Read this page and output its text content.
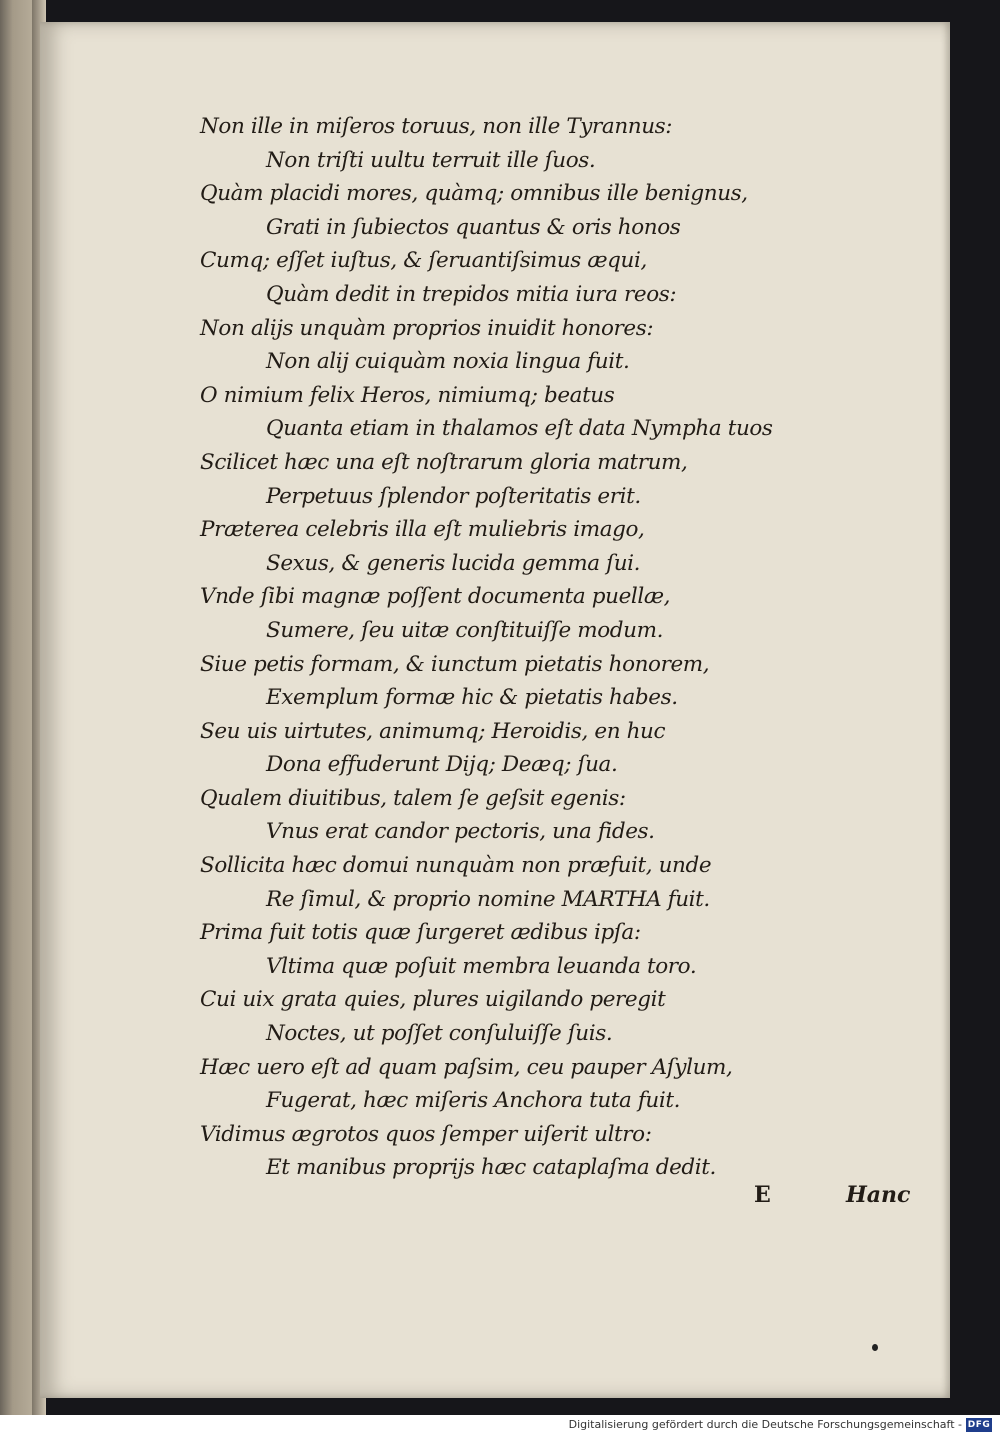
Non ille in miſeros toruus, non ille Tyrannus:
Non triſti uultu terruit ille ſuos.
Quàm placidi mores, quàmq; omnibus ille benignus,
Grati in ſubiectos quantus & oris honos
Cumq; eſſet iuſtus, & ſeruantiſsimus æqui,
Quàm dedit in trepidos mitia iura reos:
Non alijs unquàm proprios inuidit honores:
Non alij cuiquàm noxia lingua fuit.
O nimium felix Heros, nimiumq; beatus
Quanta etiam in thalamos eſt data Nympha tuos
Scilicet hæc una eſt noſtrarum gloria matrum,
Perpetuus ſplendor poſteritatis erit.
Præterea celebris illa eſt muliebris imago,
Sexus, & generis lucida gemma ſui.
Vnde ſibi magnæ poſſent documenta puellæ,
Sumere, ſeu uitæ conſtituiſſe modum.
Siue petis formam, & iunctum pietatis honorem,
Exemplum formæ hic & pietatis habes.
Seu uis uirtutes, animumq; Heroidis, en huc
Dona effuderunt Dijq; Deæq; ſua.
Qualem diuitibus, talem ſe geſsit egenis:
Vnus erat candor pectoris, una fides.
Sollicita hæc domui nunquàm non præfuit, unde
Re ſimul, & proprio nomine MARTHA fuit.
Prima fuit totis quæ ſurgeret ædibus ipſa:
Vltima quæ poſuit membra leuanda toro.
Cui uix grata quies, plures uigilando peregit
Noctes, ut poſſet conſuluiſſe ſuis.
Hæc uero eſt ad quam paſsim, ceu pauper Aſylum,
Fugerat, hæc miſeris Anchora tuta fuit.
Vidimus ægrotos quos ſemper uiſerit ultro:
Et manibus proprijs hæc cataplaſma dedit.
E	Hanc
Digitalisierung gefördert durch die Deutsche Forschungsgemeinschaft - DFG
